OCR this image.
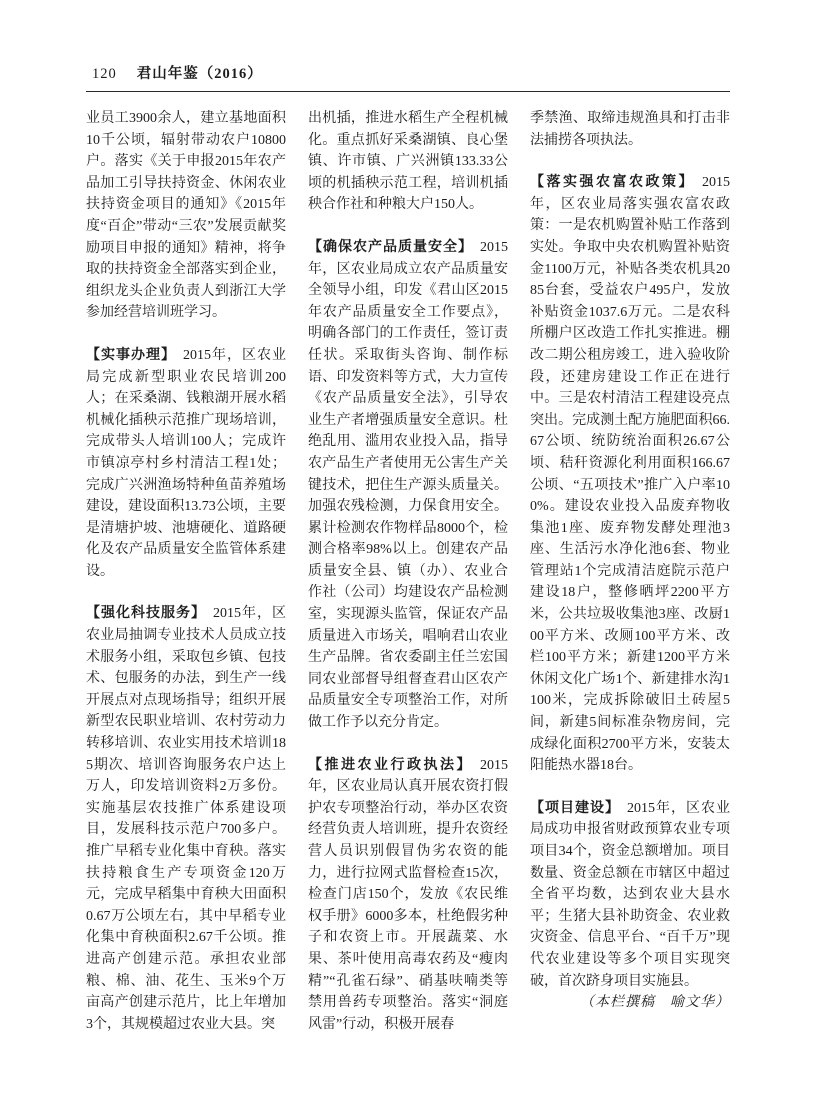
120 君山年鉴（2016）

业员工3900余人，建立基地面积10千公顷，辐射带动农户10800户。落实《关于申报2015年农产品加工引导扶持资金、休闲农业扶持资金项目的通知》《2015年度“百企”带动“三农”发展贡献奖励项目申报的通知》精神，将争取的扶持资金全部落实到企业，组织龙头企业负责人到浙江大学参加经营培训班学习。

【实事办理】 2015年，区农业局完成新型职业农民培训200人；在采桑湖、钱粮湖开展水稻机械化插秧示范推广现场培训，完成带头人培训100人；完成许市镇凉亭村乡村清洁工程1处；完成广兴洲渔场特种鱼苗养殖场建设，建设面积13.73公顷，主要是清塘护坡、池塘硬化、道路硬化及农产品质量安全监管体系建设。

【强化科技服务】 2015年，区农业局抽调专业技术人员成立技术服务小组，采取包乡镇、包技术、包服务的办法，到生产一线开展点对点现场指导；组织开展新型农民职业培训、农村劳动力转移培训、农业实用技术培训185期次、培训咨询服务农户达上万人，印发培训资料2万多份。实施基层农技推广体系建设项目，发展科技示范户700多户。推广早稻专业化集中育秧。落实扶持粮食生产专项资金120万元，完成早稻集中育秧大田面积0.67万公顷左右，其中早稻专业化集中育秧面积2.67千公顷。推进高产创建示范。承担农业部粮、棉、油、花生、玉米9个万亩高产创建示范片，比上年增加3个，其规模超过农业大县。突

出机插，推进水稻生产全程机械化。重点抓好采桑湖镇、良心堡镇、许市镇、广兴洲镇133.33公顷的机插秧示范工程，培训机插秧合作社和种粮大户150人。

【确保农产品质量安全】 2015年，区农业局成立农产品质量安全领导小组，印发《君山区2015年农产品质量安全工作要点》，明确各部门的工作责任，签订责任状。采取街头咨询、制作标语、印发资料等方式，大力宣传《农产品质量安全法》，引导农业生产者增强质量安全意识。杜绝乱用、滥用农业投入品，指导农产品生产者使用无公害生产关键技术，把住生产源头质量关。加强农残检测，力保食用安全。累计检测农作物样品8000个，检测合格率98%以上。创建农产品质量安全县、镇（办）、农业合作社（公司）均建设农产品检测室，实现源头监管，保证农产品质量进入市场关，唱响君山农业生产品牌。省农委副主任兰宏国同农业部督导组督查君山区农产品质量安全专项整治工作，对所做工作予以充分肯定。

【推进农业行政执法】 2015年，区农业局认真开展农资打假护农专项整治行动，举办区农资经营负责人培训班，提升农资经营人员识别假冒伪劣农资的能力，进行拉网式监督检查15次，检查门店150个，发放《农民维权手册》6000多本，杜绝假劣种子和农资上市。开展蔬菜、水果、茶叶使用高毒农药及“瘦肉精”“孔雀石绿”、硝基呋喃类等禁用兽药专项整治。落实“洞庭风雷”行动，积极开展春

季禁渔、取缔违规渔具和打击非法捕捞各项执法。

【落实强农富农政策】 2015年，区农业局落实强农富农政策：一是农机购置补贴工作落到实处。争取中央农机购置补贴资金1100万元，补贴各类农机具2085台套，受益农户495户，发放补贴资金1037.6万元。二是农科所棚户区改造工作扎实推进。棚改二期公租房竣工，进入验收阶段，还建房建设工作正在进行中。三是农村清洁工程建设亮点突出。完成测土配方施肥面积66.67公顷、统防统治面积26.67公顷、秸秆资源化利用面积166.67公顷、“五项技术”推广入户率100%。建设农业投入品废弃物收集池1座、废弃物发酵处理池3座、生活污水净化池6套、物业管理站1个完成清洁庭院示范户建设18户，整修晒坪2200平方米，公共垃圾收集池3座、改厨100平方米、改厕100平方米、改栏100平方米；新建1200平方米休闲文化广场1个、新建排水沟1100米，完成拆除破旧土砖屋5间，新建5间标准杂物房间，完成绿化面积2700平方米，安装太阳能热水器18台。

【项目建设】 2015年，区农业局成功申报省财政预算农业专项项目34个，资金总额增加。项目数量、资金总额在市辖区中超过全省平均数，达到农业大县水平；生猪大县补助资金、农业救灾资金、信息平台、“百千万”现代农业建设等多个项目实现突破，首次跻身项目实施县。

（本栏撰稿　喻文华）
